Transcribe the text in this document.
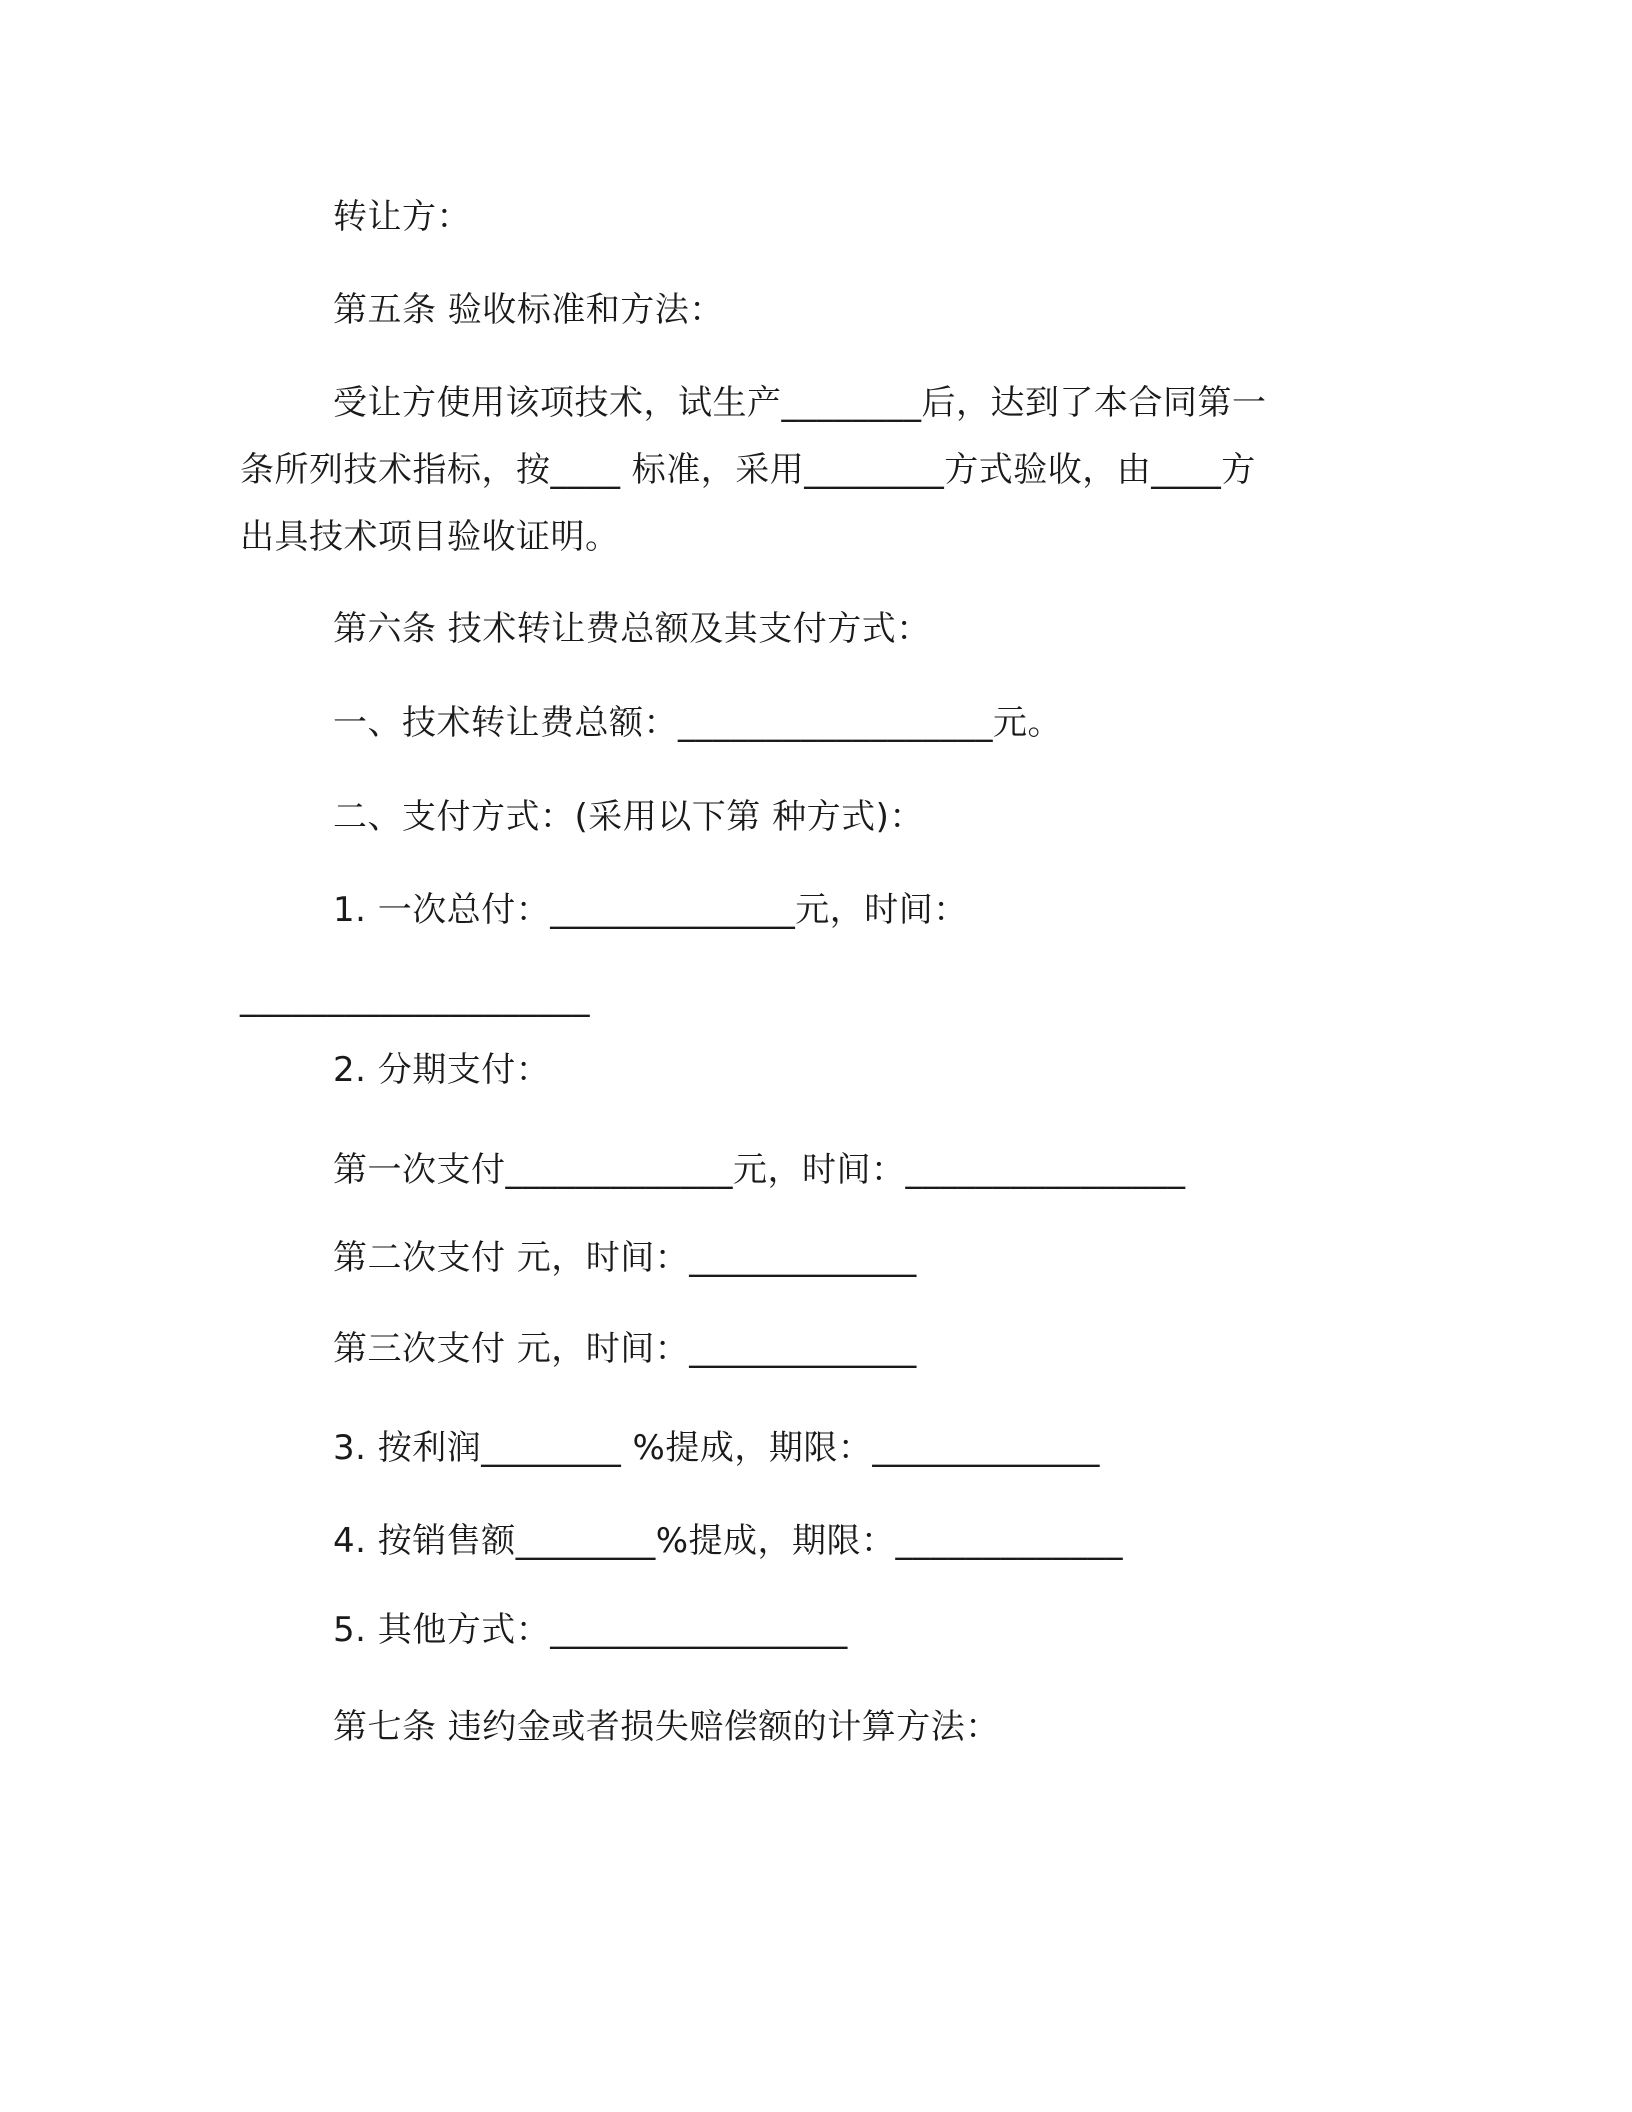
转让方：
第五条 验收标准和方法：
受让方使用该项技术，试生产________后，达到了本合同第一
条所列技术指标，按____ 标准，采用________方式验收，由____方
出具技术项目验收证明。
第六条 技术转让费总额及其支付方式：
一、技术转让费总额：__________________元。
二、支付方式：(采用以下第 种方式)：
1. 一次总付：______________元，时间：
____________________
2. 分期支付：
第一次支付_____________元，时间：________________
第二次支付 元，时间：_____________
第三次支付 元，时间：_____________
3. 按利润________ %提成，期限：_____________
4. 按销售额________%提成，期限：_____________
5. 其他方式：_________________
第七条 违约金或者损失赔偿额的计算方法：
